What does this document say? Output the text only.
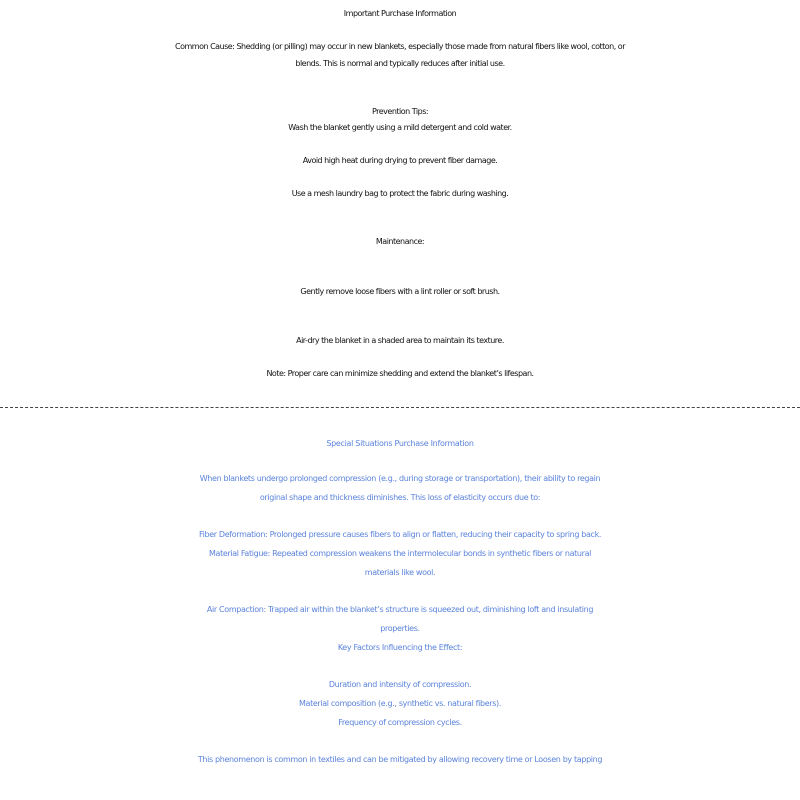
Important Purchase Information

Common Cause: Shedding (or pilling) may occur in new blankets, especially those made from natural fibers like wool, cotton, or

blends. This is normal and typically reduces after initial use.

Prevention Tips:

Wash the blanket gently using a mild detergent and cold water.

Avoid high heat during drying to prevent fiber damage.

Use a mesh laundry bag to protect the fabric during washing.

Maintenance:

Gently remove loose fibers with a lint roller or soft brush.

Air-dry the blanket in a shaded area to maintain its texture.

Note: Proper care can minimize shedding and extend the blanket’s lifespan.

Special Situations Purchase Information

When blankets undergo prolonged compression (e.g., during storage or transportation), their ability to regain

original shape and thickness diminishes. This loss of elasticity occurs due to:

Fiber Deformation: Prolonged pressure causes fibers to align or flatten, reducing their capacity to spring back.

Material Fatigue: Repeated compression weakens the intermolecular bonds in synthetic fibers or natural

materials like wool.

Air Compaction: Trapped air within the blanket’s structure is squeezed out, diminishing loft and insulating

properties.

Key Factors Influencing the Effect:

Duration and intensity of compression.

Material composition (e.g., synthetic vs. natural fibers).

Frequency of compression cycles.

This phenomenon is common in textiles and can be mitigated by allowing recovery time or Loosen by tapping
